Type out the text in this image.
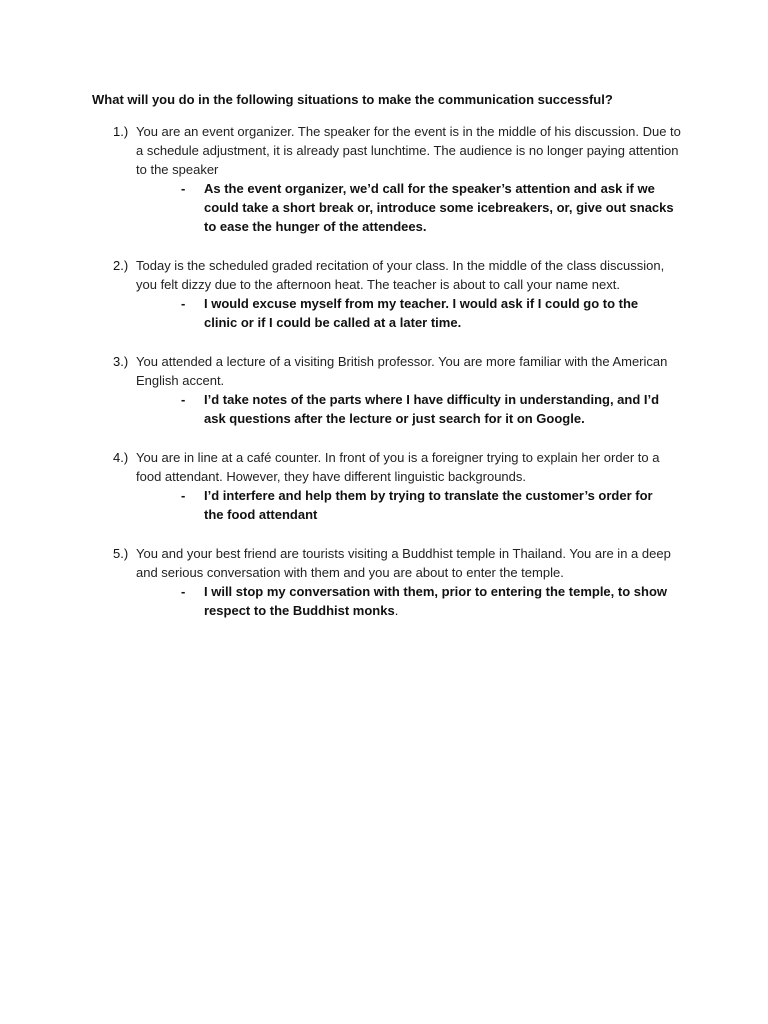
What will you do in the following situations to make the communication successful?
1.) You are an event organizer. The speaker for the event is in the middle of his discussion. Due to a schedule adjustment, it is already past lunchtime. The audience is no longer paying attention to the speaker
- As the event organizer, we’d call for the speaker’s attention and ask if we could take a short break or, introduce some icebreakers, or, give out snacks to ease the hunger of the attendees.
2.) Today is the scheduled graded recitation of your class. In the middle of the class discussion, you felt dizzy due to the afternoon heat. The teacher is about to call your name next.
- I would excuse myself from my teacher. I would ask if I could go to the clinic or if I could be called at a later time.
3.) You attended a lecture of a visiting British professor. You are more familiar with the American English accent.
- I’d take notes of the parts where I have difficulty in understanding, and I’d ask questions after the lecture or just search for it on Google.
4.) You are in line at a café counter. In front of you is a foreigner trying to explain her order to a food attendant. However, they have different linguistic backgrounds.
- I’d interfere and help them by trying to translate the customer’s order for the food attendant
5.) You and your best friend are tourists visiting a Buddhist temple in Thailand. You are in a deep and serious conversation with them and you are about to enter the temple.
- I will stop my conversation with them, prior to entering the temple, to show respect to the Buddhist monks.
